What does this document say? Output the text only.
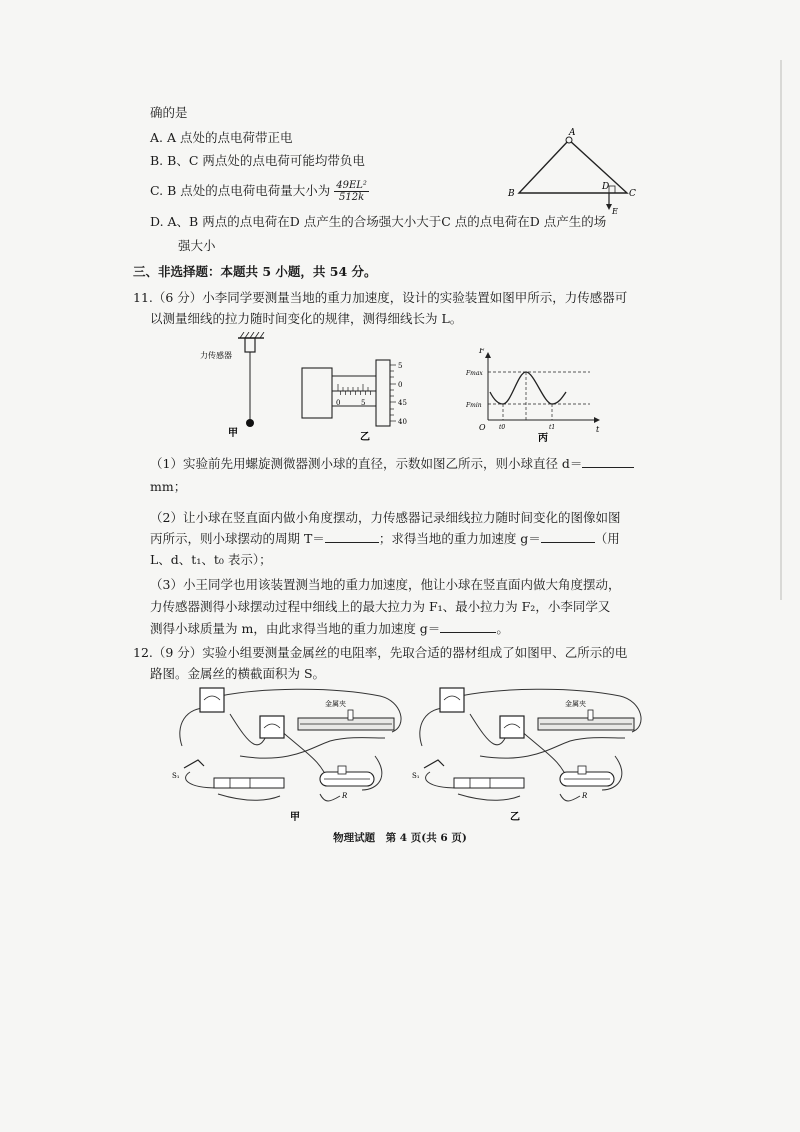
确的是
A. A 点处的点电荷带正电
B. B、C 两点处的点电荷可能均带负电
C. B 点处的点电荷电荷量大小为 $\frac{\text{49EL²}}{512k}$
D. A、B 两点的点电荷在D 点产生的合场强大小大于C 点的点电荷在D 点产生的场
强大小
A
B	C
D
E
三、非选择题：本题共 5 小题，共 54 分。
11.（6 分）小李同学要测量当地的重力加速度，设计的实验装置如图甲所示，力传感器可
以测量细线的拉力随时间变化的规律，测得细线长为 L。
力传感器
甲
0	5
5
0
45
40
乙
F
t
O
Fmax
Fmin
t0	t1
丙
（1）实验前先用螺旋测微器测小球的直径，示数如图乙所示，则小球直径 d＝
mm；
（2）让小球在竖直面内做小角度摆动，力传感器记录细线拉力随时间变化的图像如图
丙所示，则小球摆动的周期 T＝	；求得当地的重力加速度 g＝	（用
L、d、t₁、t₀ 表示）；
（3）小王同学也用该装置测当地的重力加速度，他让小球在竖直面内做大角度摆动，
力传感器测得小球摆动过程中细线上的最大拉力为 F₁、最小拉力为 F₂，小李同学又
测得小球质量为 m，由此求得当地的重力加速度 g＝	。
12.（9 分）实验小组要测量金属丝的电阻率，先取合适的器材组成了如图甲、乙所示的电
路图。金属丝的横截面积为 S。
金属夹
S₁
R
甲
金属夹
S₁
R
乙
物理试题　第 4 页(共 6 页)
